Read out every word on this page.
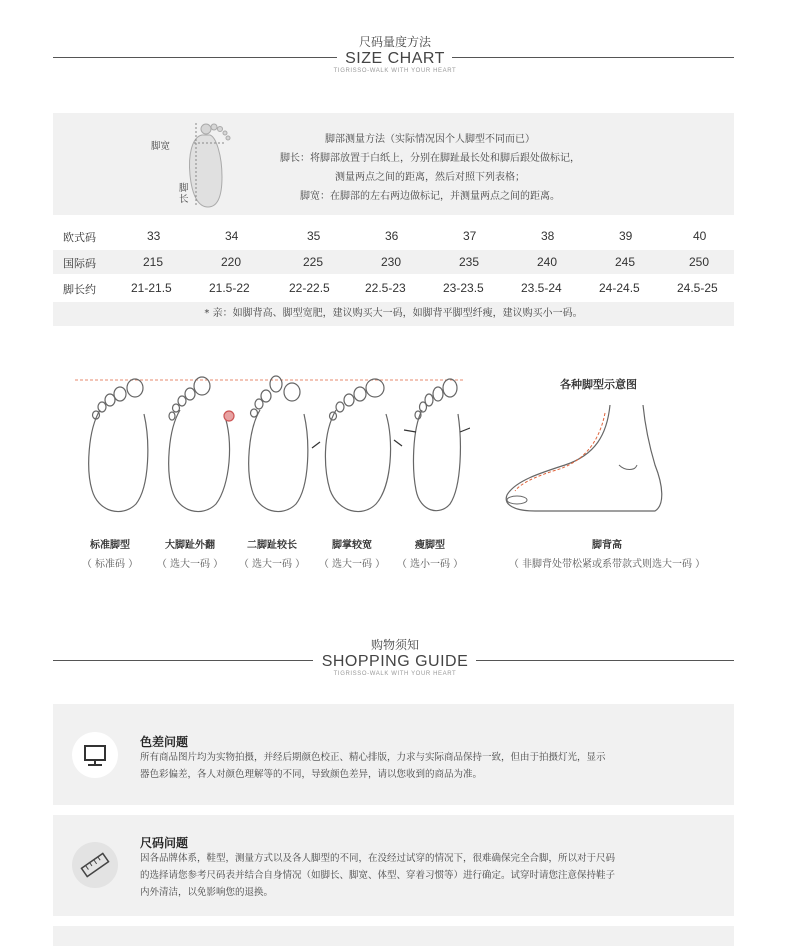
尺码量度方法
SIZE CHART
TIGRISSO-WALK WITH YOUR HEART
脚宽
脚长
脚部测量方法（实际情况因个人脚型不同而已）
脚长：将脚部放置于白纸上，分别在脚趾最长处和脚后跟处做标记，
测量两点之间的距离，然后对照下列表格；
脚宽：在脚部的左右两边做标记，并测量两点之间的距离。
欧式码	33	34	35	36	37	38	39	40
国际码	215	220	225	230	235	240	245	250
脚长约	21-21.5	21.5-22	22-22.5	22.5-23	23-23.5	23.5-24	24-24.5	24.5-25
* 亲：如脚背高、脚型宽肥，建议购买大一码，如脚背平脚型纤瘦，建议购买小一码。
各种脚型示意图
标准脚型
（ 标准码 ）
大脚趾外翻
（ 选大一码 ）
二脚趾较长
（ 选大一码 ）
脚掌较宽
（ 选大一码 ）
瘦脚型
（ 选小一码 ）
脚背高
（ 非脚背处带松紧或系带款式则选大一码 ）
购物须知
SHOPPING GUIDE
TIGRISSO-WALK WITH YOUR HEART
色差问题
所有商品图片均为实物拍摄，并经后期颜色校正、精心排版，力求与实际商品保持一致，但由于拍摄灯光，显示
器色彩偏差，各人对颜色理解等的不同，导致颜色差异，请以您收到的商品为准。
尺码问题
因各品牌体系，鞋型，测量方式以及各人脚型的不同，在没经过试穿的情况下，很难确保完全合脚，所以对于尺码
的选择请您参考尺码表并结合自身情况（如脚长、脚宽、体型、穿着习惯等）进行确定。试穿时请您注意保持鞋子
内外清洁，以免影响您的退换。
